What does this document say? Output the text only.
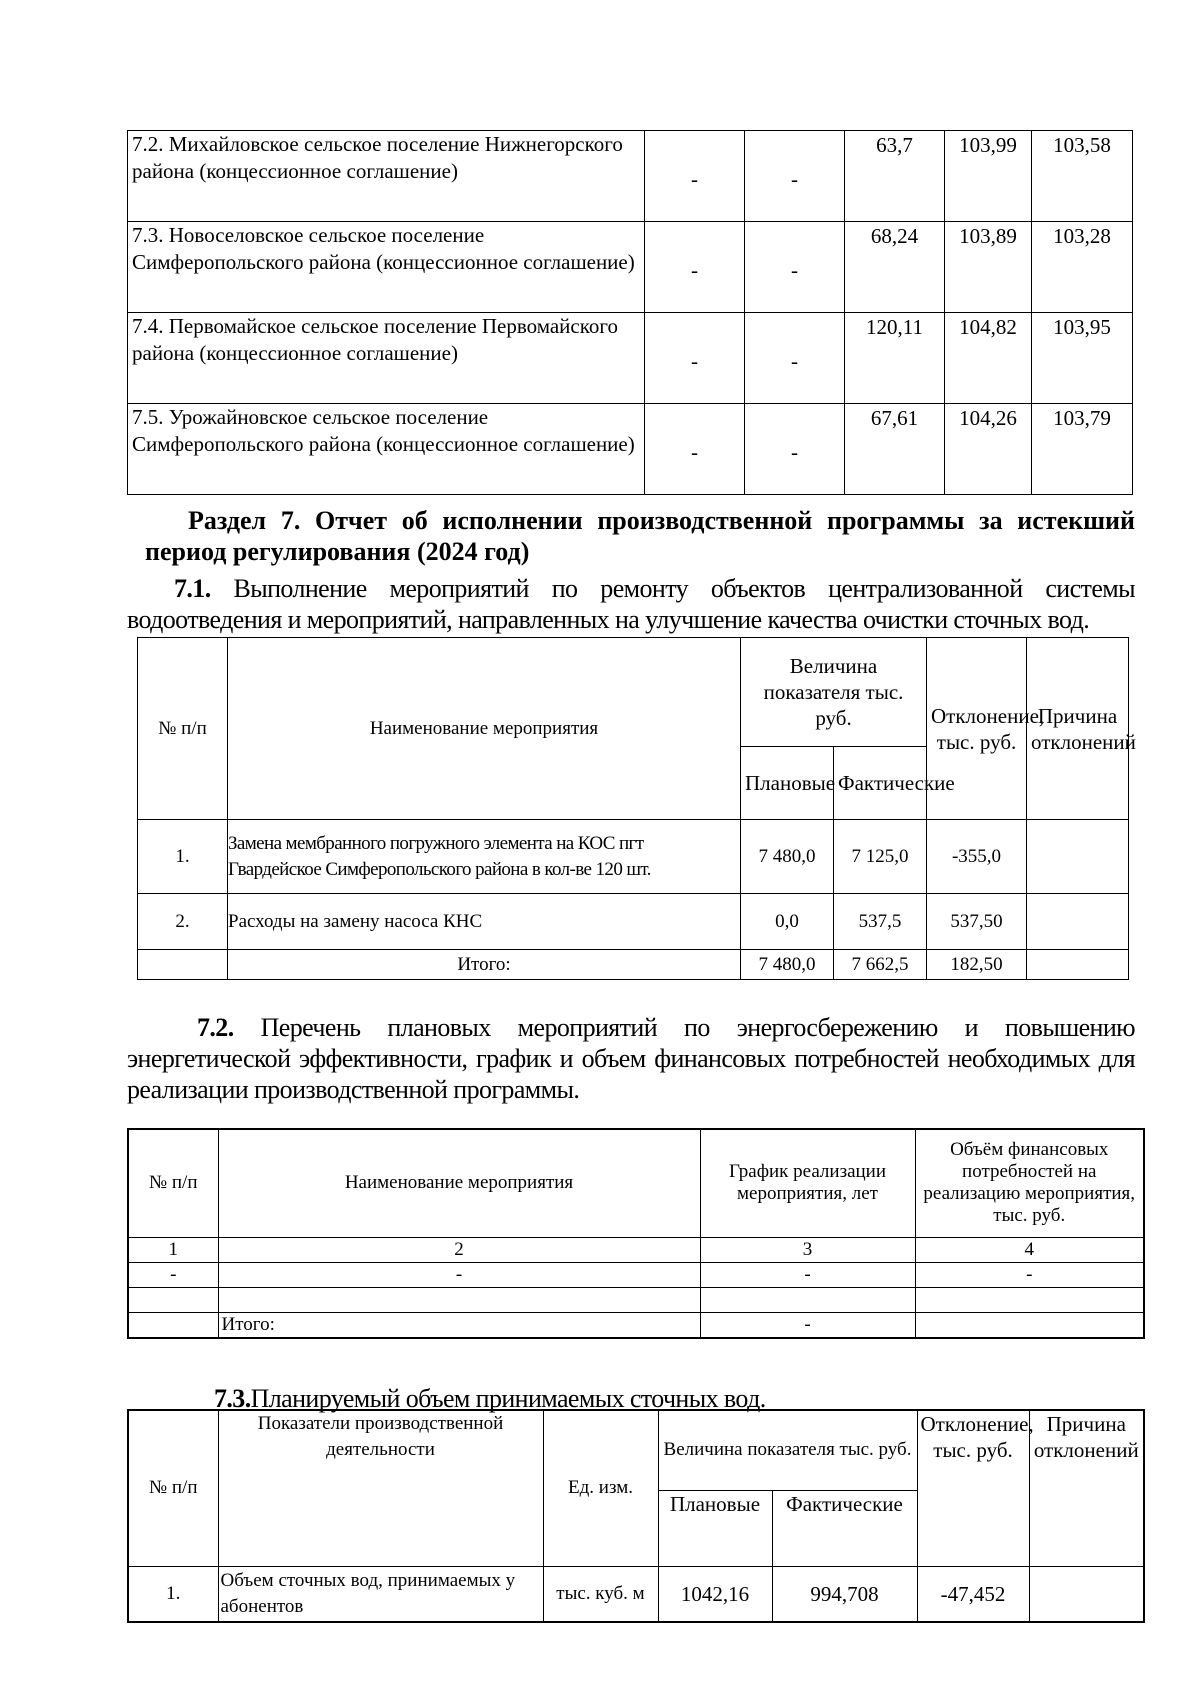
7.2. Михайловское сельское поселение Нижнегорского района (концессионное соглашение)	-	-	63,7	103,99	103,58
7.3. Новоселовское сельское поселение Симферопольского района (концессионное соглашение)	-	-	68,24	103,89	103,28
7.4. Первомайское сельское поселение Первомайского района (концессионное соглашение)	-	-	120,11	104,82	103,95
7.5. Урожайновское сельское поселение Симферопольского района (концессионное соглашение)	-	-	67,61	104,26	103,79
Раздел 7. Отчет об исполнении производственной программы за истекший
период регулирования (2024 год)
7.1. Выполнение мероприятий по ремонту объектов централизованной системы
водоотведения и мероприятий, направленных на улучшение качества очистки сточных вод.
№ п/п	Наименование мероприятия	Величина показателя тыс. руб.		Отклонение, тыс. руб.	Причина отклонений
		Плановые	Фактические		
1.	Замена мембранного погружного элемента на КОС пгт Гвардейское Симферопольского района в кол-ве 120 шт.	7 480,0	7 125,0	-355,0	
2.	Расходы на замену насоса КНС	0,0	537,5	537,50	
	Итого:	7 480,0	7 662,5	182,50	
7.2. Перечень плановых мероприятий по энергосбережению и повышению
энергетической эффективности, график и объем финансовых потребностей необходимых для реализации производственной программы.
№ п/п	Наименование мероприятия	График реализации мероприятия, лет	Объём финансовых потребностей на реализацию мероприятия, тыс. руб.
1	2	3	4
-	-	-	-

	Итого:	-	
7.3.Планируемый объем принимаемых сточных вод.
№ п/п	Показатели производственной деятельности	Ед. изм.	Величина показателя тыс. руб.		Отклонение, тыс. руб.	Причина отклонений
			Плановые	Фактические		
1.	Объем сточных вод, принимаемых у абонентов	тыс. куб. м	1042,16	994,708	-47,452	
